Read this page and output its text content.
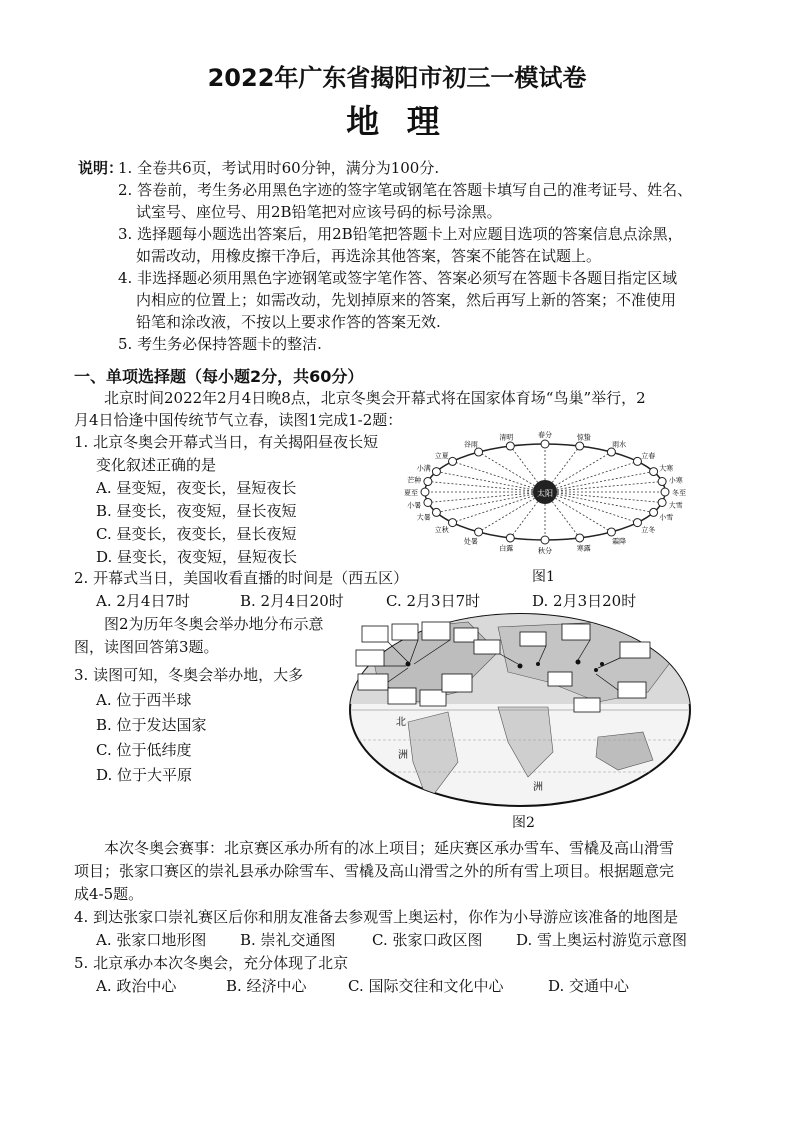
2022年广东省揭阳市初三一模试卷
地 理
说明：
1. 全卷共6页，考试用时60分钟，满分为100分.
2. 答卷前，考生务必用黑色字迹的签字笔或钢笔在答题卡填写自己的准考证号、姓名、
试室号、座位号、用2B铅笔把对应该号码的标号涂黑。
3. 选择题每小题选出答案后，用2B铅笔把答题卡上对应题目选项的答案信息点涂黑，
如需改动，用橡皮擦干净后，再选涂其他答案，答案不能答在试题上。
4. 非选择题必须用黑色字迹钢笔或签字笔作答、答案必须写在答题卡各题目指定区域
内相应的位置上；如需改动，先划掉原来的答案，然后再写上新的答案；不准使用
铅笔和涂改液，不按以上要求作答的答案无效.
5. 考生务必保持答题卡的整洁.
一、单项选择题（每小题2分，共60分）
北京时间2022年2月4日晚8点，北京冬奥会开幕式将在国家体育场“鸟巢”举行，2
月4日恰逢中国传统节气立春，读图1完成1-2题：
1. 北京冬奥会开幕式当日，有关揭阳昼夜长短
变化叙述正确的是
A. 昼变短，夜变长，昼短夜长
B. 昼变长，夜变短，昼长夜短
C. 昼变长，夜变长，昼长夜短
D. 昼变长，夜变短，昼短夜长
立夏
谷雨
清明	春分	惊蛰
雨水
立春
立秋
处暑
白露	秋分	寒露
霜降
立冬
小满
芒种
夏至
小暑
大暑
大寒
小寒
冬至
大雪
小雪
太阳
图1
2. 开幕式当日，美国收看直播的时间是（西五区）
A. 2月4日7时	B. 2月4日20时	C. 2月3日7时	D. 2月3日20时
图2为历年冬奥会举办地分布示意
图，读图回答第3题。
3. 读图可知，冬奥会举办地，大多
A. 位于西半球
B. 位于发达国家
C. 位于低纬度
D. 位于大平原
北
洲
洲
图2
本次冬奥会赛事：北京赛区承办所有的冰上项目；延庆赛区承办雪车、雪橇及高山滑雪
项目；张家口赛区的崇礼县承办除雪车、雪橇及高山滑雪之外的所有雪上项目。根据题意完
成4-5题。
4. 到达张家口崇礼赛区后你和朋友准备去参观雪上奥运村，你作为小导游应该准备的地图是
A. 张家口地形图 B. 崇礼交通图 C. 张家口政区图 D. 雪上奥运村游览示意图
5. 北京承办本次冬奥会，充分体现了北京
A. 政治中心	B. 经济中心	C. 国际交往和文化中心	D. 交通中心
